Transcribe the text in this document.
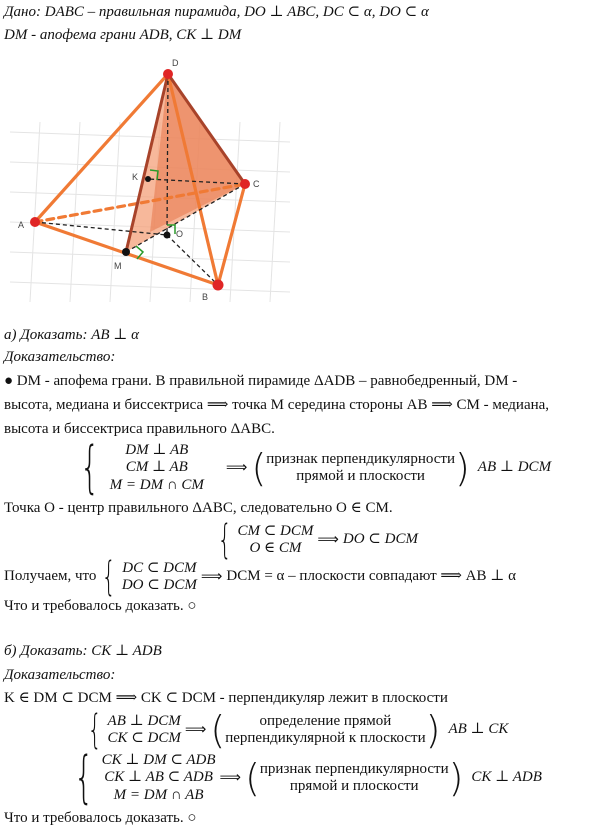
Дано: DABC – правильная пирамида, DO ⊥ ABC, DC ⊂ α, DO ⊂ α
DM - апофема грани ADB, CK ⊥ DM
D
C
A
B
M
O
K
а) Доказать: AB ⊥ α
Доказательство:
● DM - апофема грани. В правильной пирамиде ΔADB – равнобедренный, DM -
высота, медиана и биссектриса ⟹ точка M середина стороны AB ⟹ CM - медиана,
высота и биссектриса правильного ΔABC.
{ DM ⊥ AB
CM ⊥ AB
M = DM ∩ CM
⟹ ( признак перпендикулярности
прямой и плоскости ) AB ⊥ DCM
Точка O - центр правильного ΔABC, следовательно O ∈ CM.
{ CM ⊂ DCM
O ∈ CM ⟹ DO ⊂ DCM
Получаем, что { DC ⊂ DCM
DO ⊂ DCM ⟹ DCM = α – плоскости совпадают ⟹ AB ⊥ α
Что и требовалось доказать. ○
б) Доказать: CK ⊥ ADB
Доказательство:
K ∈ DM ⊂ DCM ⟹ CK ⊂ DCM - перпендикуляр лежит в плоскости
{ AB ⊥ DCM
CK ⊂ DCM ⟹ ( определение прямой
перпендикулярной к плоскости ) AB ⊥ CK
{ CK ⊥ DM ⊂ ADB
CK ⊥ AB ⊂ ADB
M = DM ∩ AB
⟹ ( признак перпендикулярности
прямой и плоскости ) CK ⊥ ADB
Что и требовалось доказать. ○
